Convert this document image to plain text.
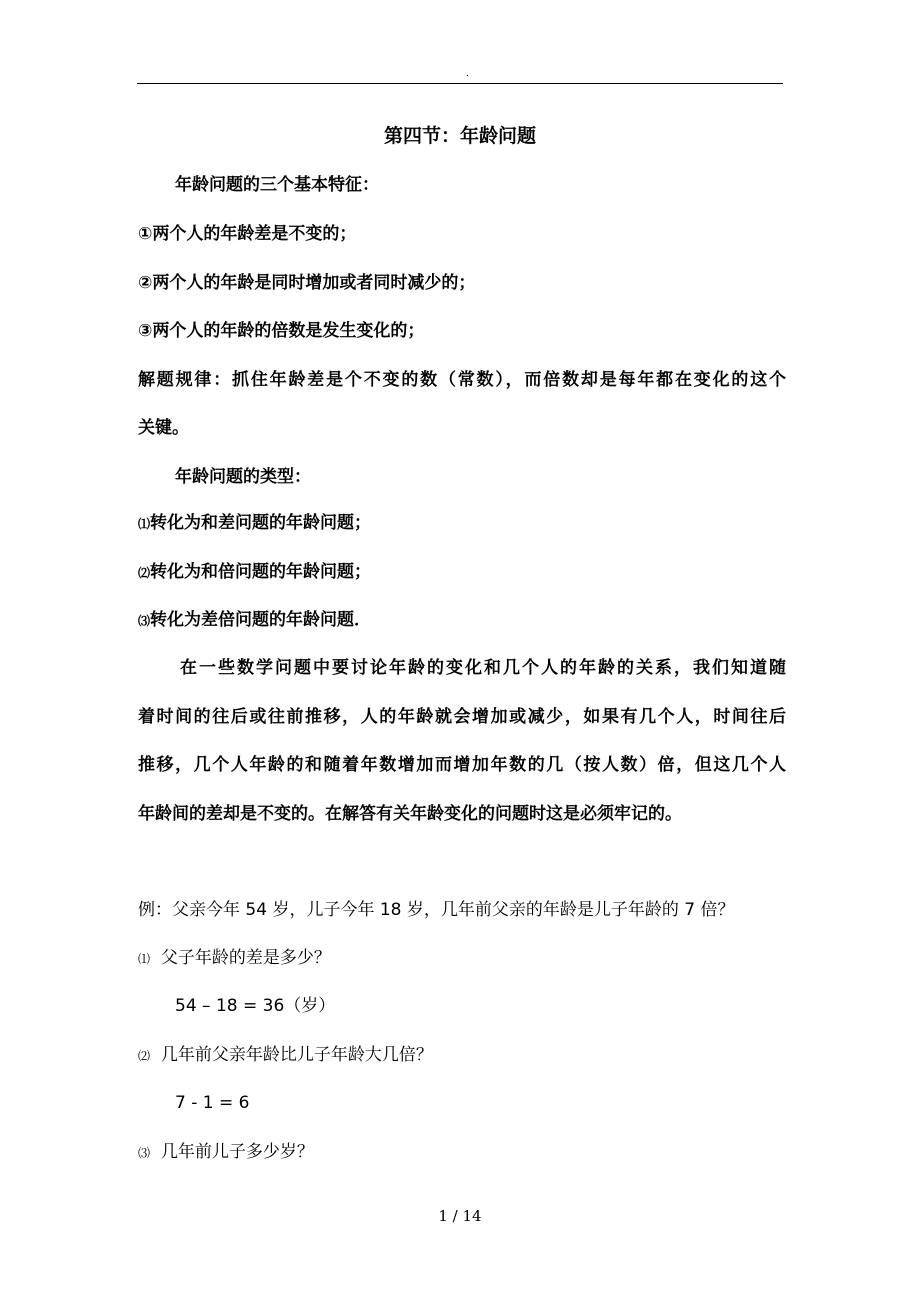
.
第四节：年龄问题
年龄问题的三个基本特征：
①两个人的年龄差是不变的；
②两个人的年龄是同时增加或者同时减少的；
③两个人的年龄的倍数是发生变化的；
解题规律：抓住年龄差是个不变的数（常数），而倍数却是每年都在变化的这个
关键。
年龄问题的类型：
⑴转化为和差问题的年龄问题；
⑵转化为和倍问题的年龄问题；
⑶转化为差倍问题的年龄问题．
在一些数学问题中要讨论年龄的变化和几个人的年龄的关系，我们知道随
着时间的往后或往前推移，人的年龄就会增加或减少，如果有几个人，时间往后
推移，几个人年龄的和随着年数增加而增加年数的几（按人数）倍，但这几个人
年龄间的差却是不变的。在解答有关年龄变化的问题时这是必须牢记的。
例：父亲今年 54 岁，儿子今年 18 岁，几年前父亲的年龄是儿子年龄的 7 倍？
⑴ 父子年龄的差是多少？
54 – 18 = 36（岁）
⑵ 几年前父亲年龄比儿子年龄大几倍？
7 - 1 = 6
⑶ 几年前儿子多少岁？
1 / 14
